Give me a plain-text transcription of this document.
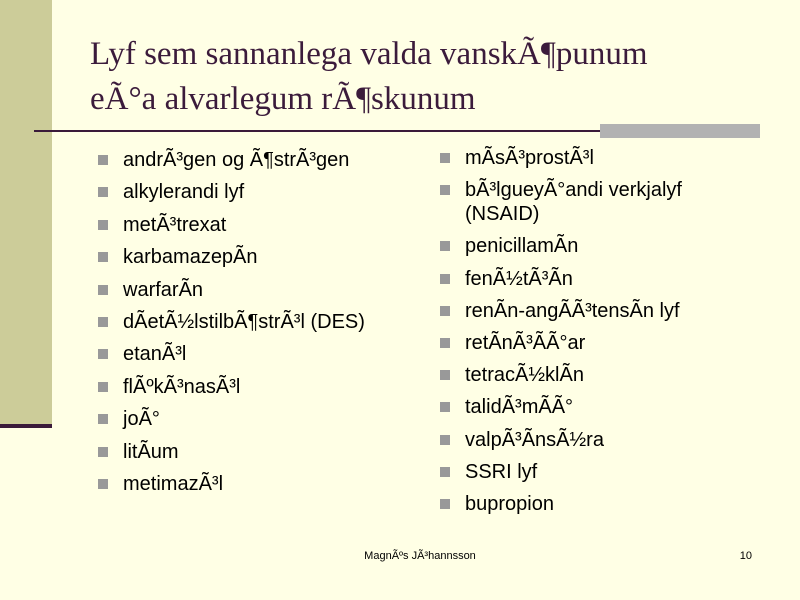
Lyf sem sannanlega valda vanskÃ¶punum
eÃ°a alvarlegum rÃ¶skunum
andrÃ³gen og Ã¶strÃ³gen
alkylerandi lyf
metÃ³trexat
karbamazepÃn
warfarÃn
dÃetÃ½lstilbÃ¶strÃ³l (DES)
etanÃ³l
flÃºkÃ³nasÃ³l
joÃ°
litÃum
metimazÃ³l
mÃsÃ³prostÃ³l
bÃ³lgueyÃ°andi verkjalyf (NSAID)
penicillamÃn
fenÃ½tÃ³Ãn
renÃn-angÃÃ³tensÃn lyf
retÃnÃ³ÃÃ°ar
tetracÃ½klÃn
talidÃ³mÃÃ°
valpÃ³ÃnsÃ½ra
SSRI lyf
bupropion
MagnÃºs JÃ³hannsson	10
